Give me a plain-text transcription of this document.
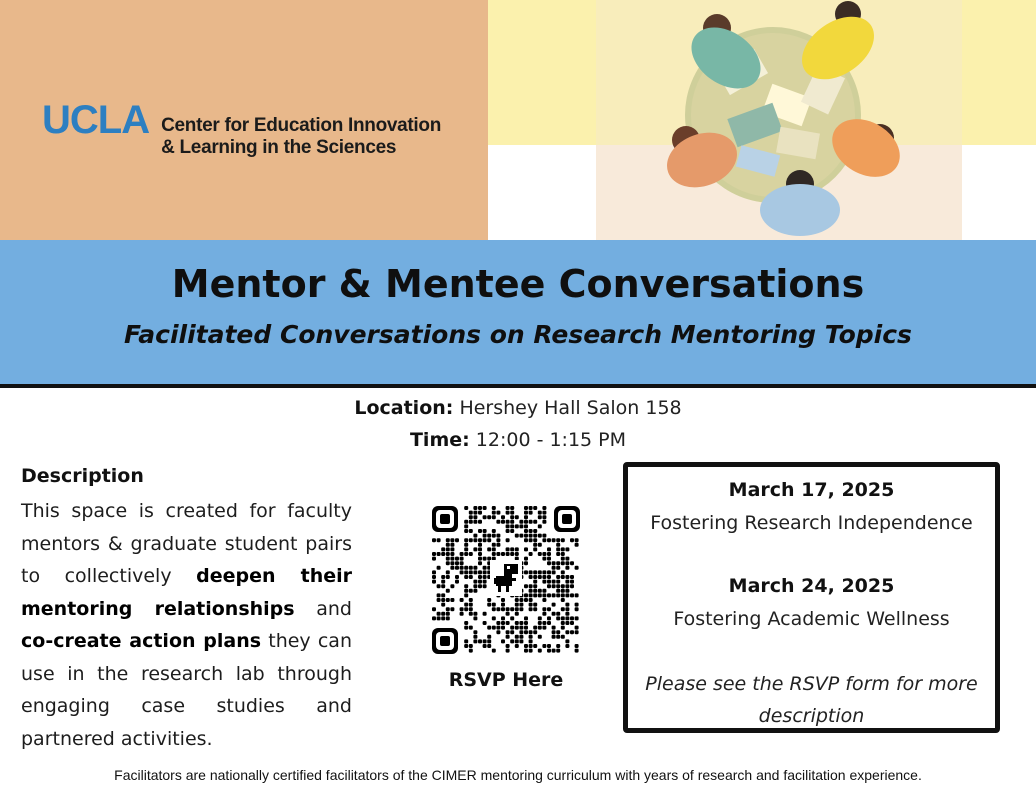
UCLA Center for Education Innovation
& Learning in the Sciences
Mentor & Mentee Conversations
Facilitated Conversations on Research Mentoring Topics
Location: Hershey Hall Salon 158
Time: 12:00 - 1:15 PM
Description
This space is created for faculty mentors & graduate student pairs to collectively deepen their mentoring relationships and co-create action plans they can use in the research lab through engaging case studies and partnered activities.
RSVP Here
March 17, 2025
Fostering Research Independence
March 24, 2025
Fostering Academic Wellness
Please see the RSVP form for more description
Facilitators are nationally certified facilitators of the CIMER mentoring curriculum with years of research and facilitation experience.
